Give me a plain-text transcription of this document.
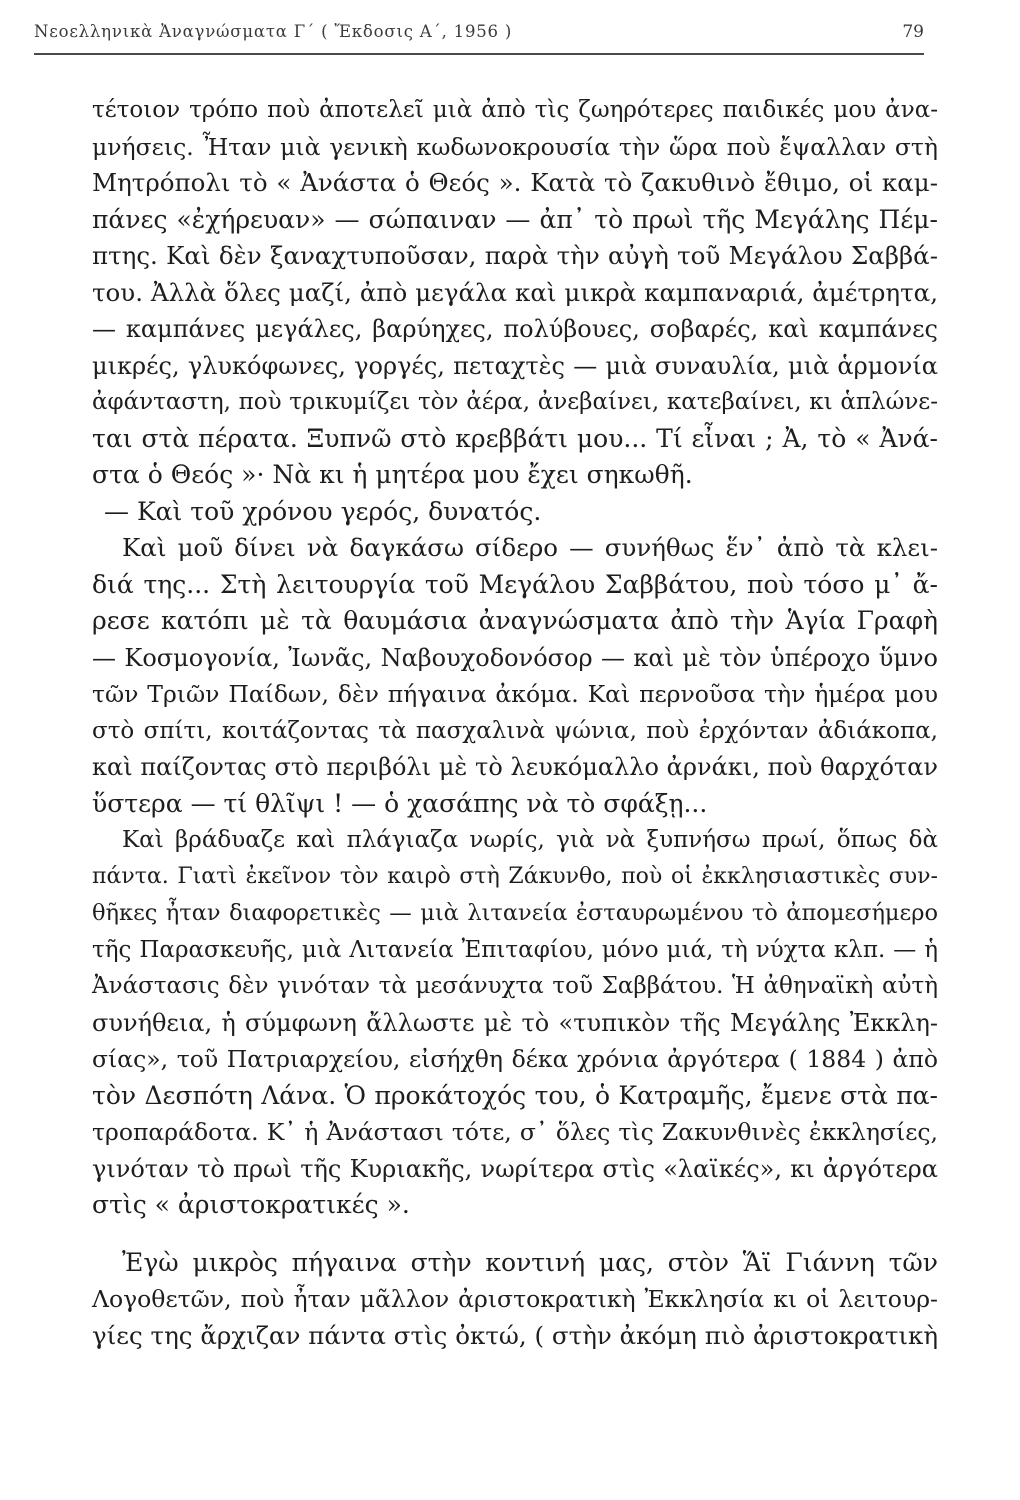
Νεοελληνικὰ Ἀναγνώσματα Γ´ ( Ἔκδοσις Α´, 1956 )	79
τέτοιον τρόπο ποὺ ἀποτελεῖ μιὰ ἀπὸ τὶς ζωηρότερες παιδικές μου ἀνα-
μνήσεις. Ἦταν μιὰ γενικὴ κωδωνοκρουσία τὴν ὥρα ποὺ ἔψαλλαν στὴ
Μητρόπολι τὸ « Ἀνάστα ὁ Θεός ». Κατὰ τὸ ζακυθινὸ ἔθιμο, οἱ καμ-
πάνες «ἐχήρευαν» — σώπαιναν — ἀπ᾿ τὸ πρωὶ τῆς Μεγάλης Πέμ-
πτης. Καὶ δὲν ξαναχτυποῦσαν, παρὰ τὴν αὐγὴ τοῦ Μεγάλου Σαββά-
του. Ἀλλὰ ὅλες μαζί, ἀπὸ μεγάλα καὶ μικρὰ καμπαναριά, ἀμέτρητα,
— καμπάνες μεγάλες, βαρύηχες, πολύβουες, σοβαρές, καὶ καμπάνες
μικρές, γλυκόφωνες, γοργές, πεταχτὲς — μιὰ συναυλία, μιὰ ἁρμονία
ἀφάνταστη, ποὺ τρικυμίζει τὸν ἀέρα, ἀνεβαίνει, κατεβαίνει, κι ἁπλώνε-
ται στὰ πέρατα. Ξυπνῶ στὸ κρεββάτι μου... Τί εἶναι ; Ἀ, τὸ « Ἀνά-
στα ὁ Θεός »· Νὰ κι ἡ μητέρα μου ἔχει σηκωθῆ.
— Καὶ τοῦ χρόνου γερός, δυνατός.
Καὶ μοῦ δίνει νὰ δαγκάσω σίδερο — συνήθως ἕν᾿ ἀπὸ τὰ κλει-
διά της... Στὴ λειτουργία τοῦ Μεγάλου Σαββάτου, ποὺ τόσο μ᾿ ἄ-
ρεσε κατόπι μὲ τὰ θαυμάσια ἀναγνώσματα ἀπὸ τὴν Ἁγία Γραφὴ
— Κοσμογονία, Ἰωνᾶς, Ναβουχοδονόσορ — καὶ μὲ τὸν ὑπέροχο ὕμνο
τῶν Τριῶν Παίδων, δὲν πήγαινα ἀκόμα. Καὶ περνοῦσα τὴν ἡμέρα μου
στὸ σπίτι, κοιτάζοντας τὰ πασχαλινὰ ψώνια, ποὺ ἐρχόνταν ἀδιάκοπα,
καὶ παίζοντας στὸ περιβόλι μὲ τὸ λευκόμαλλο ἀρνάκι, ποὺ θαρχόταν
ὕστερα — τί θλῖψι ! — ὁ χασάπης νὰ τὸ σφάξῃ...
Καὶ βράδυαζε καὶ πλάγιαζα νωρίς, γιὰ νὰ ξυπνήσω πρωί, ὅπως δὰ
πάντα. Γιατὶ ἐκεῖνον τὸν καιρὸ στὴ Ζάκυνθο, ποὺ οἱ ἐκκλησιαστικὲς συν-
θῆκες ἦταν διαφορετικὲς — μιὰ λιτανεία ἐσταυρωμένου τὸ ἀπομεσήμερο
τῆς Παρασκευῆς, μιὰ Λιτανεία Ἐπιταφίου, μόνο μιά, τὴ νύχτα κλπ. — ἡ
Ἀνάστασις δὲν γινόταν τὰ μεσάνυχτα τοῦ Σαββάτου. Ἡ ἀθηναϊκὴ αὐτὴ
συνήθεια, ἡ σύμφωνη ἄλλωστε μὲ τὸ «τυπικὸν τῆς Μεγάλης Ἐκκλη-
σίας», τοῦ Πατριαρχείου, εἰσήχθη δέκα χρόνια ἀργότερα ( 1884 ) ἀπὸ
τὸν Δεσπότη Λάνα. Ὁ προκάτοχός του, ὁ Κατραμῆς, ἔμενε στὰ πα-
τροπαράδοτα. Κ᾿ ἡ Ἀνάστασι τότε, σ᾿ ὅλες τὶς Ζακυνθινὲς ἐκκλησίες,
γινόταν τὸ πρωὶ τῆς Κυριακῆς, νωρίτερα στὶς «λαϊκές», κι ἀργότερα
στὶς « ἀριστοκρατικές ».
Ἐγὼ μικρὸς πήγαινα στὴν κοντινή μας, στὸν Ἅϊ Γιάννη τῶν
Λογοθετῶν, ποὺ ἦταν μᾶλλον ἀριστοκρατικὴ Ἐκκλησία κι οἱ λειτουρ-
γίες της ἄρχιζαν πάντα στὶς ὀκτώ, ( στὴν ἀκόμη πιὸ ἀριστοκρατικὴ
